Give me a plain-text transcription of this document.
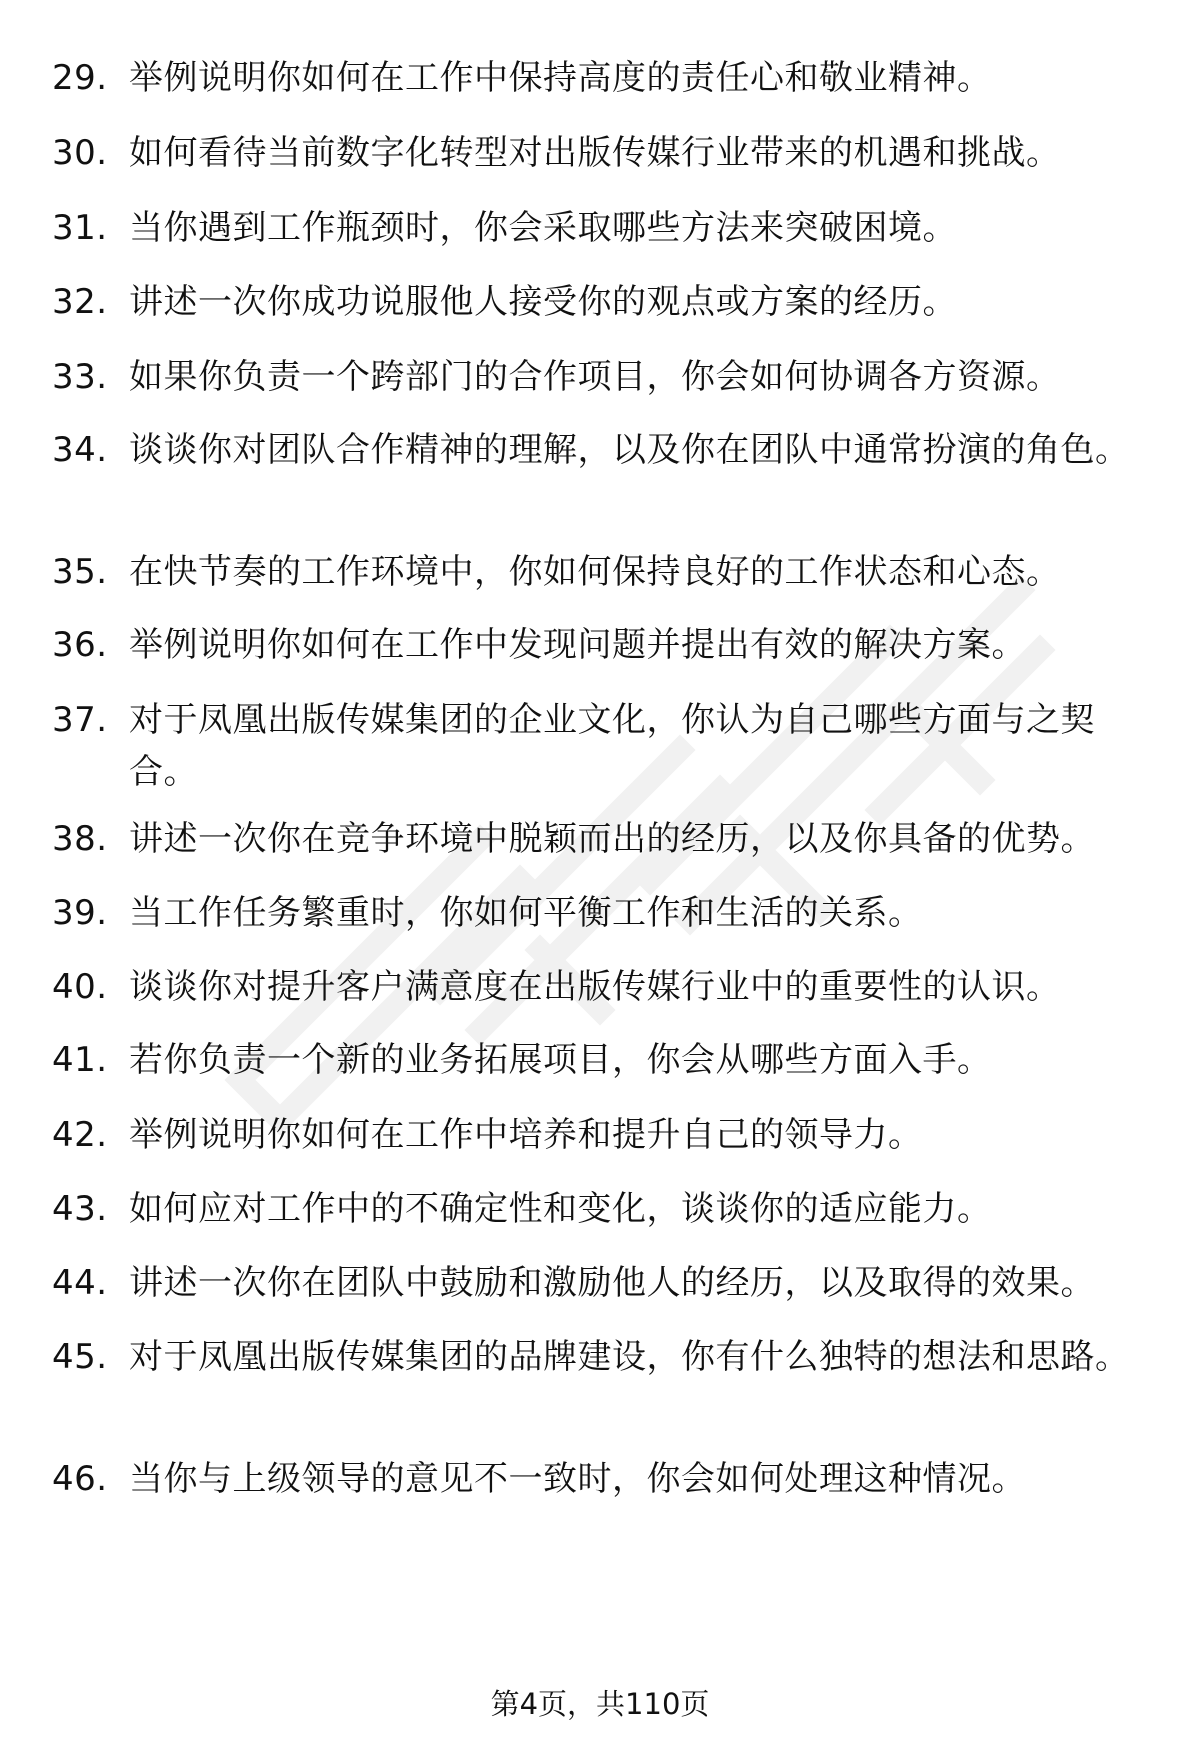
29. 举例说明你如何在工作中保持高度的责任心和敬业精神。
30. 如何看待当前数字化转型对出版传媒行业带来的机遇和挑战。
31. 当你遇到工作瓶颈时，你会采取哪些方法来突破困境。
32. 讲述一次你成功说服他人接受你的观点或方案的经历。
33. 如果你负责一个跨部门的合作项目，你会如何协调各方资源。
34. 谈谈你对团队合作精神的理解，以及你在团队中通常扮演的角色。
35. 在快节奏的工作环境中，你如何保持良好的工作状态和心态。
36. 举例说明你如何在工作中发现问题并提出有效的解决方案。
37. 对于凤凰出版传媒集团的企业文化，你认为自己哪些方面与之契合。
38. 讲述一次你在竞争环境中脱颖而出的经历，以及你具备的优势。
39. 当工作任务繁重时，你如何平衡工作和生活的关系。
40. 谈谈你对提升客户满意度在出版传媒行业中的重要性的认识。
41. 若你负责一个新的业务拓展项目，你会从哪些方面入手。
42. 举例说明你如何在工作中培养和提升自己的领导力。
43. 如何应对工作中的不确定性和变化，谈谈你的适应能力。
44. 讲述一次你在团队中鼓励和激励他人的经历，以及取得的效果。
45. 对于凤凰出版传媒集团的品牌建设，你有什么独特的想法和思路。
46. 当你与上级领导的意见不一致时，你会如何处理这种情况。
第4页，共110页
